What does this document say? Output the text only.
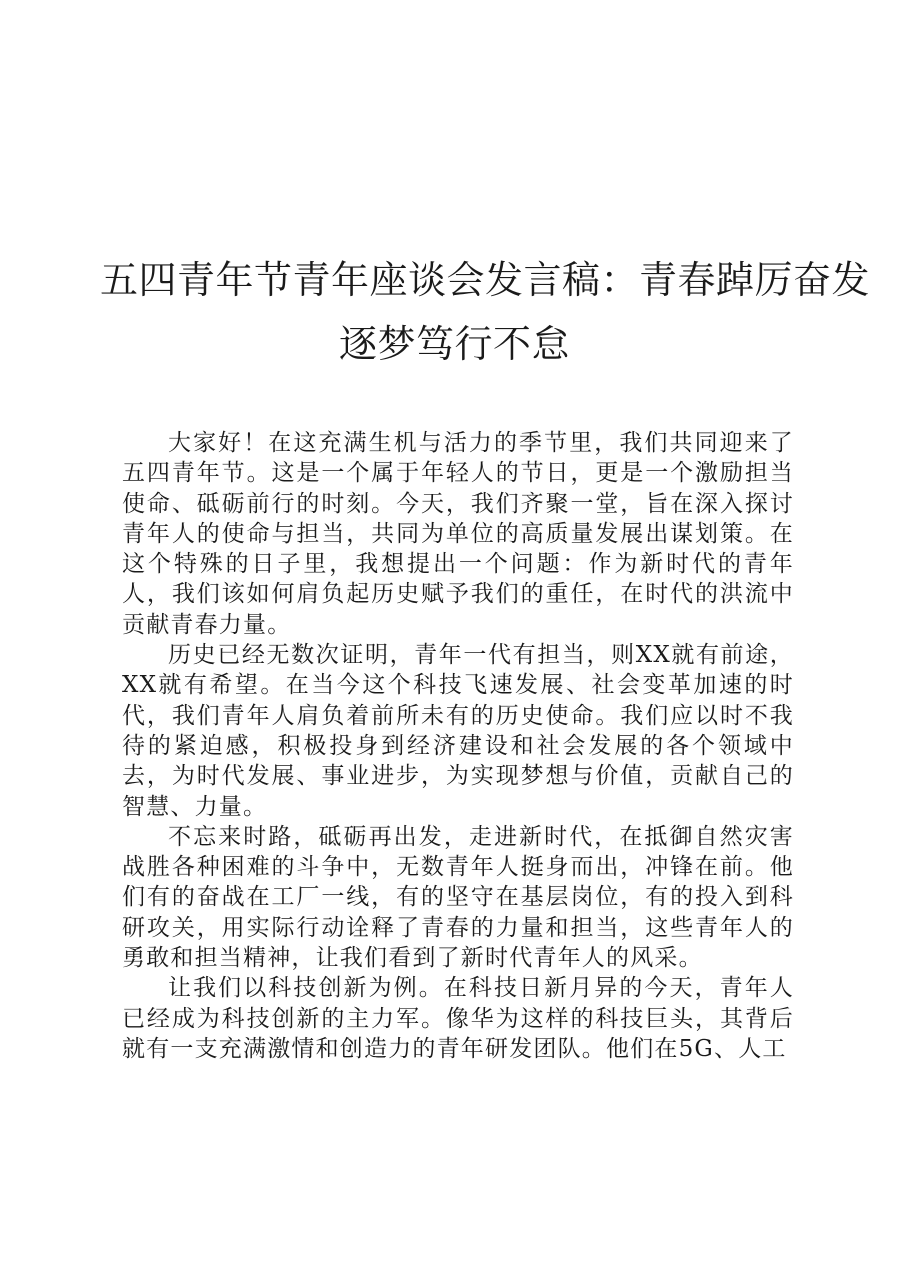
五四青年节青年座谈会发言稿：青春踔厉奋发
逐梦笃行不怠

大家好！在这充满生机与活力的季节里，我们共同迎来了五四青年节。这是一个属于年轻人的节日，更是一个激励担当使命、砥砺前行的时刻。今天，我们齐聚一堂，旨在深入探讨青年人的使命与担当，共同为单位的高质量发展出谋划策。在这个特殊的日子里，我想提出一个问题：作为新时代的青年人，我们该如何肩负起历史赋予我们的重任，在时代的洪流中贡献青春力量。

历史已经无数次证明，青年一代有担当，则XX就有前途，XX就有希望。在当今这个科技飞速发展、社会变革加速的时代，我们青年人肩负着前所未有的历史使命。我们应以时不我待的紧迫感，积极投身到经济建设和社会发展的各个领域中去，为时代发展、事业进步，为实现梦想与价值，贡献自己的智慧、力量。

不忘来时路，砥砺再出发，走进新时代，在抵御自然灾害战胜各种困难的斗争中，无数青年人挺身而出，冲锋在前。他们有的奋战在工厂一线，有的坚守在基层岗位，有的投入到科研攻关，用实际行动诠释了青春的力量和担当，这些青年人的勇敢和担当精神，让我们看到了新时代青年人的风采。

让我们以科技创新为例。在科技日新月异的今天，青年人已经成为科技创新的主力军。像华为这样的科技巨头，其背后就有一支充满激情和创造力的青年研发团队。他们在5G、人工
